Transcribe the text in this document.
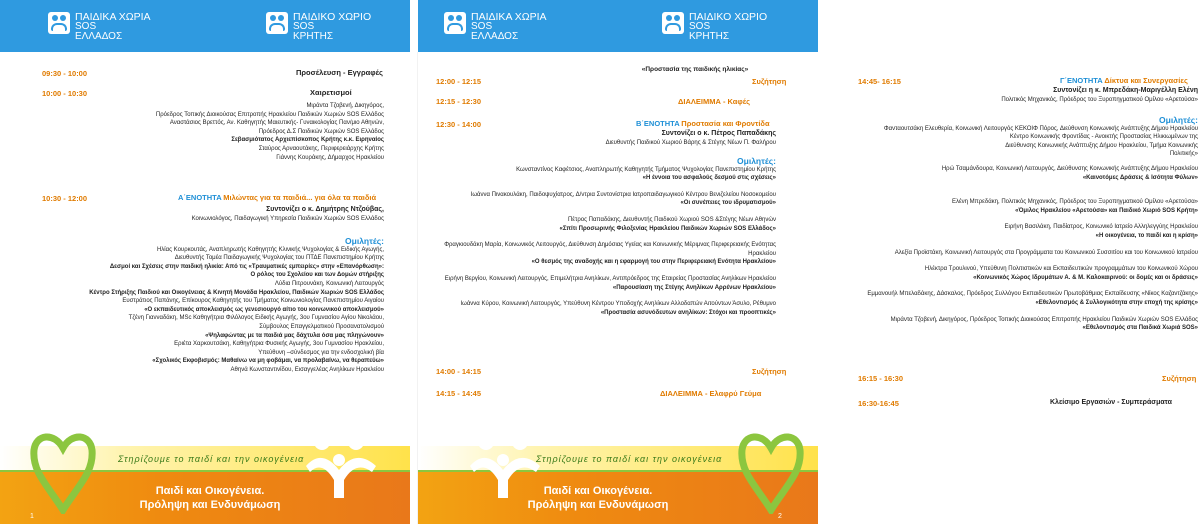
ΠΑΙΔΙΚΑ ΧΩΡΙΑ
SOS
ΕΛΛΑΔΟΣ
ΠΑΙΔΙΚΟ ΧΩΡΙΟ
SOS
ΚΡΗΤΗΣ
ΠΑΙΔΙΚΑ ΧΩΡΙΑ
SOS
ΕΛΛΑΔΟΣ
ΠΑΙΔΙΚΟ ΧΩΡΙΟ
SOS
ΚΡΗΤΗΣ
09:30 - 10:00	Προσέλευση - Εγγραφές
10:00 - 10:30	Χαιρετισμοί
Μιράντα Τζοβενή, Δικηγόρος,
Πρόεδρος Τοπικής Διοικούσας Επιτροπής Ηρακλείου Παιδικών Χωριών SOS Ελλάδος
Αναστάσιος Βρεττός, Αν. Καθηγητής Μαιευτικής- Γυναικολογίας Παν/μιο Αθηνών,
Πρόεδρος Δ.Σ Παιδικών Χωριών SOS Ελλάδος
Σεβασμιότατος Αρχιεπίσκοπος Κρήτης κ.κ. Ειρηναίος
Σταύρος Αρναουτάκης, Περιφερειάρχης Κρήτης
Γιάννης Κουράκης, Δήμαρχος Ηρακλείου
10:30 - 12:00	Α΄ΕΝΟΤΗΤΑ Μιλώντας για τα παιδιά... για όλα τα παιδιά
Συντονίζει ο κ. Δημήτρης Ντζούβας,
Κοινωνιολόγος, Παιδαγωγική Υπηρεσία Παιδικών Χωριών SOS Ελλάδος
Ομιλητές:
Ηλίας Κουρκουτάς, Αναπληρωτής Καθηγητής Κλινικής Ψυχολογίας & Ειδικής Αγωγής,
Διευθυντής Τομέα Παιδαγωγικής Ψυχολογίας του ΠΤΔΕ Πανεπιστημίου Κρήτης
Δεσμοί και Σχέσεις στην παιδική ηλικία: Από τις «Τραυματικές εμπειρίες» στην «Επανόρθωση»:
Ο ρόλος του Σχολείου και των Δομών στήριξης
Λύδια Πιτρουνάκη, Κοινωνική Λειτουργός
Κέντρο Στήριξης Παιδιού και Οικογένειας & Κινητή Μονάδα Ηρακλείου, Παιδικών Χωριών SOS Ελλάδος
Ευστράτιος Παπάνης, Επίκουρος Καθηγητής του Τμήματος Κοινωνιολογίας Πανεπιστημίου Αιγαίου
«Ο εκπαιδευτικός αποκλεισμός ως γενεσιουργό αίτιο του κοινωνικού αποκλεισμού»
Τζένη Γιανναδάκη, MSc Καθηγήτρια Φιλόλογος Ειδικής Αγωγής, 3ου Γυμνασίου Αγίου Νικολάου,
Σύμβουλος Επαγγελματικού Προσανατολισμού
«Ψηλαφώντας με τα παιδιά μας δάχτυλα όσα μας πληγώνουν»
Εριέτα Χαρκουτσάκη, Καθηγήτρια Φυσικής Αγωγής, 3ου Γυμνασίου Ηρακλείου,
Υπεύθυνη –σύνδεσμος για την ενδοσχολική βία
«Σχολικός Εκφοβισμός: Μαθαίνω να μη φοβάμαι, να προλαβαίνω, να θεραπεύω»
Αθηνά Κωνσταντινίδου, Εισαγγελέας Ανηλίκων Ηρακλείου
«Προστασία της παιδικής ηλικίας»
12:00 - 12:15	Συζήτηση
12:15 - 12:30	ΔΙΑΛΕΙΜΜΑ - Καφές
12:30 - 14:00	Β΄ΕΝΟΤΗΤΑ Προστασία και Φροντίδα
Συντονίζει ο κ. Πέτρος Παπαδάκης
Διευθυντής Παιδικού Χωριού Βάρης & Στέγης Νέων Π. Φαλήρου
Ομιλητές:
Κωνσταντίνος Καφέτσιος, Αναπληρωτής Καθηγητής Τμήματος Ψυχολογίας Πανεπιστημίου Κρήτης
«Η έννοια του ασφαλούς δεσμού στις σχέσεις»
Ιωάννα Πινακουλάκη, Παιδοψυχίατρος, Δ/ντρια Συντονίστρια Ιατροπαιδαγωγικού Κέντρου Βενιζελείου Νοσοκομείου
«Οι συνέπειες του ιδρυματισμού»
Πέτρος Παπαδάκης, Διευθυντής Παιδικού Χωριού SOS &Στέγης Νέων Αθηνών
«Σπίτι Προσωρινής Φιλοξενίας Ηρακλείου Παιδικών Χωριών SOS Ελλάδος»
Φραγκιουδάκη Μαρία, Κοινωνικός Λειτουργός, Διεύθυνση Δημόσιας Υγείας και Κοινωνικής Μέριμνας Περιφερειακής Ενότητας Ηρακλείου
«Ο θεσμός της αναδοχής και η εφαρμογή του στην Περιφερειακή Ενότητα Ηρακλείου»
Ειρήνη Βεργίου, Κοινωνική Λειτουργός, Επιμελήτρια Ανηλίκων, Αντιπρόεδρος της Εταιρείας Προστασίας Ανηλίκων Ηρακλείου
«Παρουσίαση της Στέγης Ανηλίκων Αρρένων Ηρακλείου»
Ιωάννα Κύρου, Κοινωνική Λειτουργός, Υπεύθυνη Κέντρου Υποδοχής Ανηλίκων Αλλοδαπών Αιτούντων Άσυλο, Ρέθυμνο
«Προστασία ασυνόδευτων ανηλίκων: Στόχοι και προοπτικές»
14:00 - 14:15	Συζήτηση
14:15 - 14:45	ΔΙΑΛΕΙΜΜΑ - Ελαφρύ Γεύμα
14:45- 16:15	Γ΄ΕΝΟΤΗΤΑ Δίκτυα και Συνεργασίες
Συντονίζει η κ. Μπρεδάκη-Μαριγέλλη Ελένη
Πολιτικός Μηχανικός, Πρόεδρος του Ξυροπηγματικού Ομίλου «Αρετούσα»
Ομιλητές:
Φανταουτσάκη Ελευθερία, Κοινωνική Λειτουργός ΚΕΚΟΙΦ Πόρος, Διεύθυνση Κοινωνικής Ανάπτυξης Δήμου Ηρακλείου
Κέντρο Κοινωνικής Φροντίδας - Ανοικτής Προστασίας Ηλικιωμένων της
Διεύθυνσης Κοινωνικής Ανάπτυξης Δήμου Ηρακλείου, Τμήμα Κοινωνικής
Πολιτικής»
Ηρώ Τσαμάνδουρα, Κοινωνική Λειτουργός, Διεύθυνσης Κοινωνικής Ανάπτυξης Δήμου Ηρακλείου
«Καινοτόμες Δράσεις & Ισότητα Φύλων»
Ελένη Μπρεδάκη, Πολιτικός Μηχανικός, Πρόεδρος του Ξυροπηγματικού Ομίλου «Αρετούσα»
«Όμιλος Ηρακλείου «Αρετούσα» και Παιδικό Χωριό SOS Κρήτη»
Ειρήνη Βασιλάκη, Παιδίατρος, Κοινωνικό Ιατρείο Αλληλεγγύης Ηρακλείου
«Η οικογένεια, το παιδί και η κρίση»
Αλεξία Προϊστάκη, Κοινωνική Λειτουργός στα Προγράμματα του Κοινωνικού Συσσιτίου και του Κοινωνικού Ιατρείου
Ηλέκτρα Τρουλινού, Υπεύθυνη Πολιτιστικών και Εκπαιδευτικών προγραμμάτων του Κοινωνικού Χώρου
«Κοινωνικός Χώρος Ιδρυμάτων Α. & Μ. Καλοκαιρινού: οι δομές και οι δράσεις»
Εμμανουήλ Μπελαδάκης, Δάσκαλος, Πρόεδρος Συλλόγου Εκπαιδευτικών Πρωτοβάθμιας Εκπαίδευσης «Νίκος Καζαντζάκης»
«Εθελοντισμός & Συλλογικότητα στην εποχή της κρίσης»
Μιράντα Τζοβενή, Δικηγόρος, Πρόεδρος Τοπικής Διοικούσας Επιτροπής Ηρακλείου Παιδικών Χωριών SOS Ελλάδος
«Εθελοντισμός στα Παιδικά Χωριά SOS»
16:15 - 16:30	Συζήτηση
16:30-16:45	Κλείσιμο Εργασιών - Συμπεράσματα
Στηρίζουμε το παιδί και την οικογένεια
Παιδί και Οικογένεια.
Πρόληψη και Ενδυνάμωση
1
Στηρίζουμε το παιδί και την οικογένεια
Παιδί και Οικογένεια.
Πρόληψη και Ενδυνάμωση
2
